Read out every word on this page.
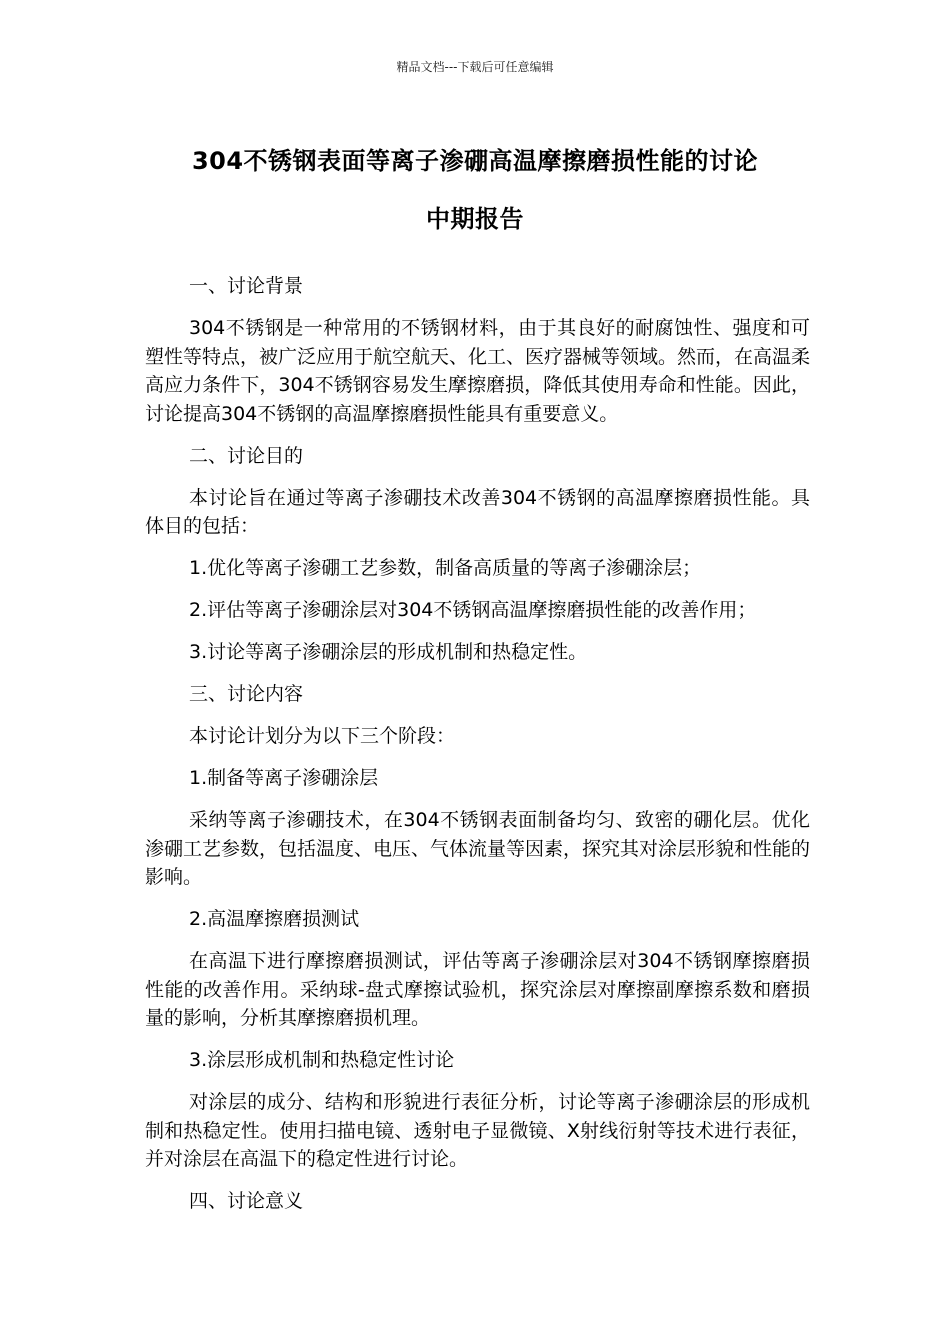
精品文档---下载后可任意编辑
304不锈钢表面等离子渗硼高温摩擦磨损性能的讨论
中期报告

一、讨论背景

304不锈钢是一种常用的不锈钢材料，由于其良好的耐腐蚀性、强度和可塑性等特点，被广泛应用于航空航天、化工、医疗器械等领域。然而，在高温柔高应力条件下，304不锈钢容易发生摩擦磨损，降低其使用寿命和性能。因此，讨论提高304不锈钢的高温摩擦磨损性能具有重要意义。

二、讨论目的

本讨论旨在通过等离子渗硼技术改善304不锈钢的高温摩擦磨损性能。具体目的包括：

1.优化等离子渗硼工艺参数，制备高质量的等离子渗硼涂层；

2.评估等离子渗硼涂层对304不锈钢高温摩擦磨损性能的改善作用；

3.讨论等离子渗硼涂层的形成机制和热稳定性。

三、讨论内容

本讨论计划分为以下三个阶段：

1.制备等离子渗硼涂层

采纳等离子渗硼技术，在304不锈钢表面制备均匀、致密的硼化层。优化渗硼工艺参数，包括温度、电压、气体流量等因素，探究其对涂层形貌和性能的影响。

2.高温摩擦磨损测试

在高温下进行摩擦磨损测试，评估等离子渗硼涂层对304不锈钢摩擦磨损性能的改善作用。采纳球-盘式摩擦试验机，探究涂层对摩擦副摩擦系数和磨损量的影响，分析其摩擦磨损机理。

3.涂层形成机制和热稳定性讨论

对涂层的成分、结构和形貌进行表征分析，讨论等离子渗硼涂层的形成机制和热稳定性。使用扫描电镜、透射电子显微镜、X射线衍射等技术进行表征，并对涂层在高温下的稳定性进行讨论。

四、讨论意义
